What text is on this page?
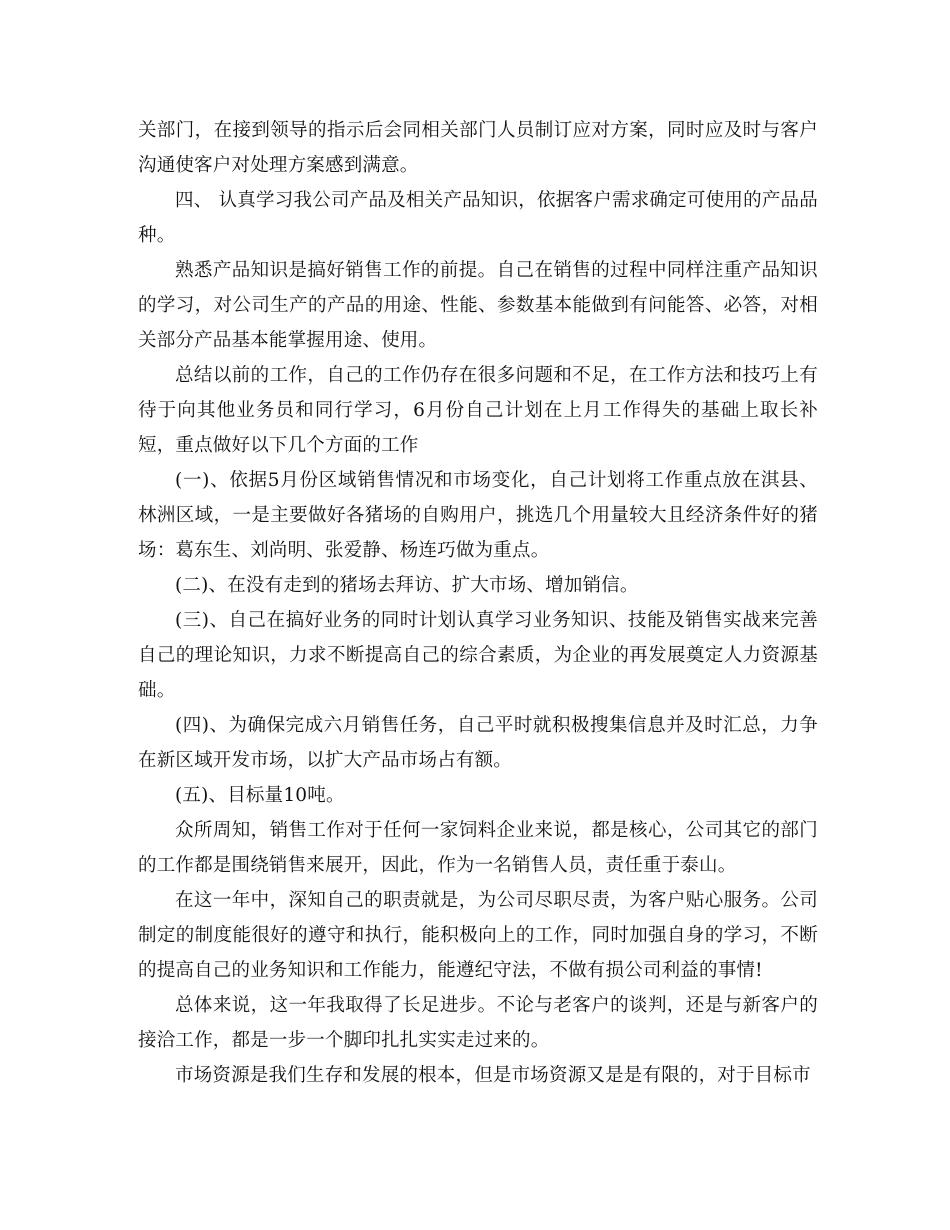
关部门，在接到领导的指示后会同相关部门人员制订应对方案，同时应及时与客户沟通使客户对处理方案感到满意。

四、 认真学习我公司产品及相关产品知识，依据客户需求确定可使用的产品品种。

熟悉产品知识是搞好销售工作的前提。自己在销售的过程中同样注重产品知识的学习，对公司生产的产品的用途、性能、参数基本能做到有问能答、必答，对相关部分产品基本能掌握用途、使用。

总结以前的工作，自己的工作仍存在很多问题和不足，在工作方法和技巧上有待于向其他业务员和同行学习，6月份自己计划在上月工作得失的基础上取长补短，重点做好以下几个方面的工作

(一)、依据5月份区域销售情况和市场变化，自己计划将工作重点放在淇县、林洲区域，一是主要做好各猪场的自购用户，挑选几个用量较大且经济条件好的猪场：葛东生、刘尚明、张爱静、杨连巧做为重点。

(二)、在没有走到的猪场去拜访、扩大市场、增加销信。

(三)、自己在搞好业务的同时计划认真学习业务知识、技能及销售实战来完善自己的理论知识，力求不断提高自己的综合素质，为企业的再发展奠定人力资源基础。

(四)、为确保完成六月销售任务，自己平时就积极搜集信息并及时汇总，力争在新区域开发市场，以扩大产品市场占有额。

(五)、目标量10吨。

众所周知，销售工作对于任何一家饲料企业来说，都是核心，公司其它的部门的工作都是围绕销售来展开，因此，作为一名销售人员，责任重于泰山。

在这一年中，深知自己的职责就是，为公司尽职尽责，为客户贴心服务。公司制定的制度能很好的遵守和执行，能积极向上的工作，同时加强自身的学习，不断的提高自己的业务知识和工作能力，能遵纪守法，不做有损公司利益的事情!

总体来说，这一年我取得了长足进步。不论与老客户的谈判，还是与新客户的接洽工作，都是一步一个脚印扎扎实实走过来的。

市场资源是我们生存和发展的根本，但是市场资源又是是有限的，对于目标市
